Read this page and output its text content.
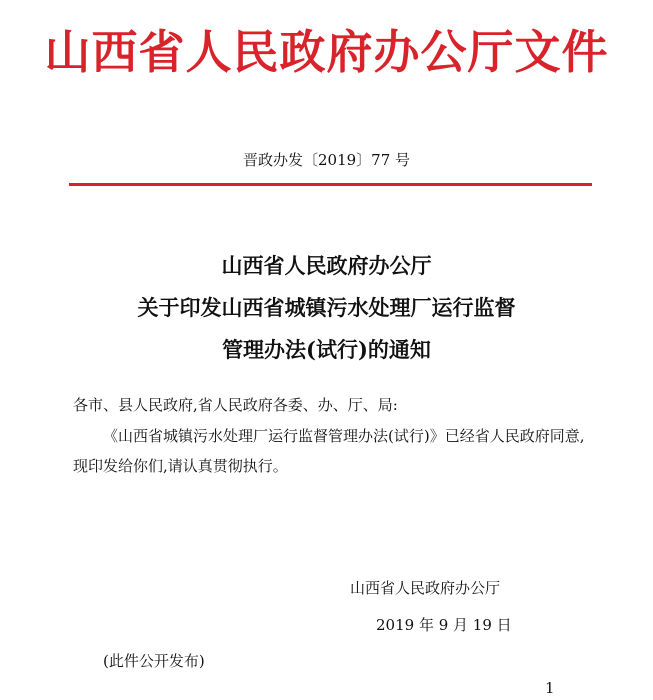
山西省人民政府办公厅文件
晋政办发〔2019〕77 号
山西省人民政府办公厅
关于印发山西省城镇污水处理厂运行监督
管理办法(试行)的通知
各市、县人民政府,省人民政府各委、办、厅、局:
《山西省城镇污水处理厂运行监督管理办法(试行)》已经省人民政府同意,现印发给你们,请认真贯彻执行。
山西省人民政府办公厅
2019 年 9 月 19 日
(此件公开发布)
1
